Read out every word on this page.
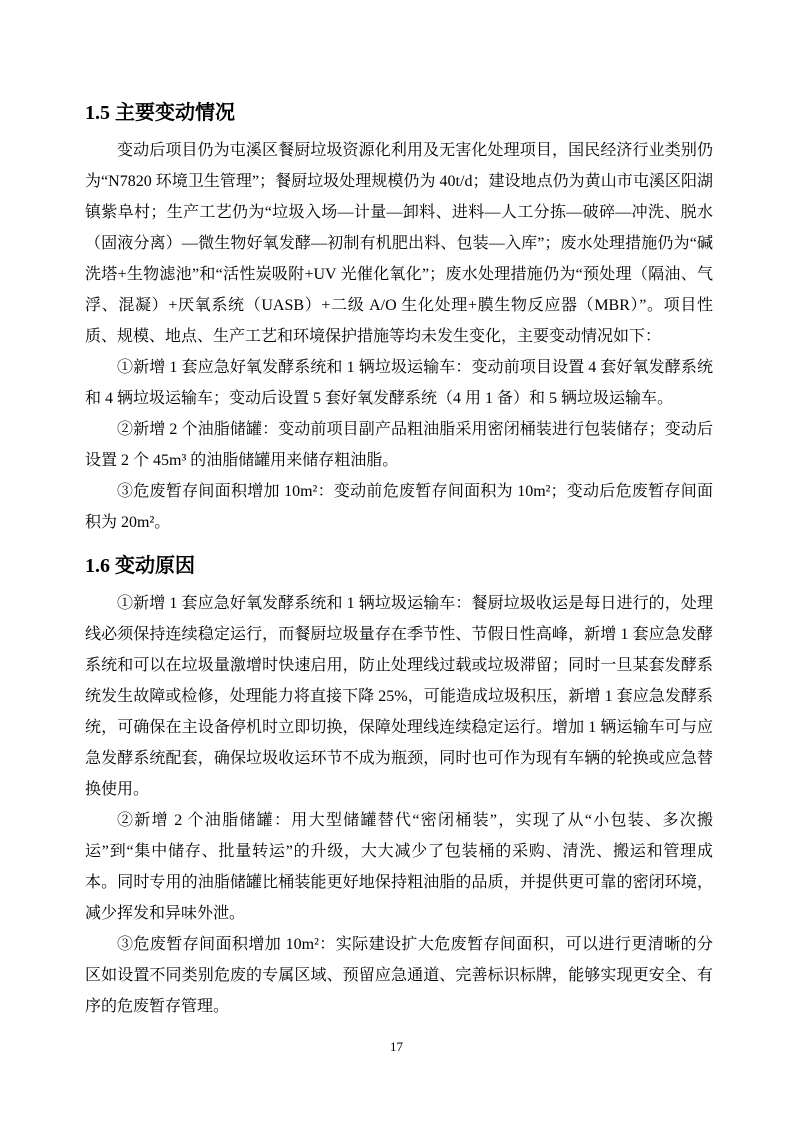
1.5 主要变动情况

变动后项目仍为屯溪区餐厨垃圾资源化利用及无害化处理项目，国民经济行业类别仍为“N7820 环境卫生管理”；餐厨垃圾处理规模仍为 40t/d；建设地点仍为黄山市屯溪区阳湖镇紫阜村；生产工艺仍为“垃圾入场—计量—卸料、进料—人工分拣—破碎—冲洗、脱水（固液分离）—微生物好氧发酵—初制有机肥出料、包装—入库”；废水处理措施仍为“碱洗塔+生物滤池”和“活性炭吸附+UV 光催化氧化”；废水处理措施仍为“预处理（隔油、气浮、混凝）+厌氧系统（UASB）+二级 A/O 生化处理+膜生物反应器（MBR）”。项目性质、规模、地点、生产工艺和环境保护措施等均未发生变化，主要变动情况如下：

①新增 1 套应急好氧发酵系统和 1 辆垃圾运输车：变动前项目设置 4 套好氧发酵系统和 4 辆垃圾运输车；变动后设置 5 套好氧发酵系统（4 用 1 备）和 5 辆垃圾运输车。

②新增 2 个油脂储罐：变动前项目副产品粗油脂采用密闭桶装进行包装储存；变动后设置 2 个 45m³ 的油脂储罐用来储存粗油脂。

③危废暂存间面积增加 10m²：变动前危废暂存间面积为 10m²；变动后危废暂存间面积为 20m²。

1.6 变动原因

①新增 1 套应急好氧发酵系统和 1 辆垃圾运输车：餐厨垃圾收运是每日进行的，处理线必须保持连续稳定运行，而餐厨垃圾量存在季节性、节假日性高峰，新增 1 套应急发酵系统和可以在垃圾量激增时快速启用，防止处理线过载或垃圾滞留；同时一旦某套发酵系统发生故障或检修，处理能力将直接下降 25%，可能造成垃圾积压，新增 1 套应急发酵系统，可确保在主设备停机时立即切换，保障处理线连续稳定运行。增加 1 辆运输车可与应急发酵系统配套，确保垃圾收运环节不成为瓶颈，同时也可作为现有车辆的轮换或应急替换使用。

②新增 2 个油脂储罐：用大型储罐替代“密闭桶装”，实现了从“小包装、多次搬运”到“集中储存、批量转运”的升级，大大减少了包装桶的采购、清洗、搬运和管理成本。同时专用的油脂储罐比桶装能更好地保持粗油脂的品质，并提供更可靠的密闭环境，减少挥发和异味外泄。

③危废暂存间面积增加 10m²：实际建设扩大危废暂存间面积，可以进行更清晰的分区如设置不同类别危废的专属区域、预留应急通道、完善标识标牌，能够实现更安全、有序的危废暂存管理。

17
